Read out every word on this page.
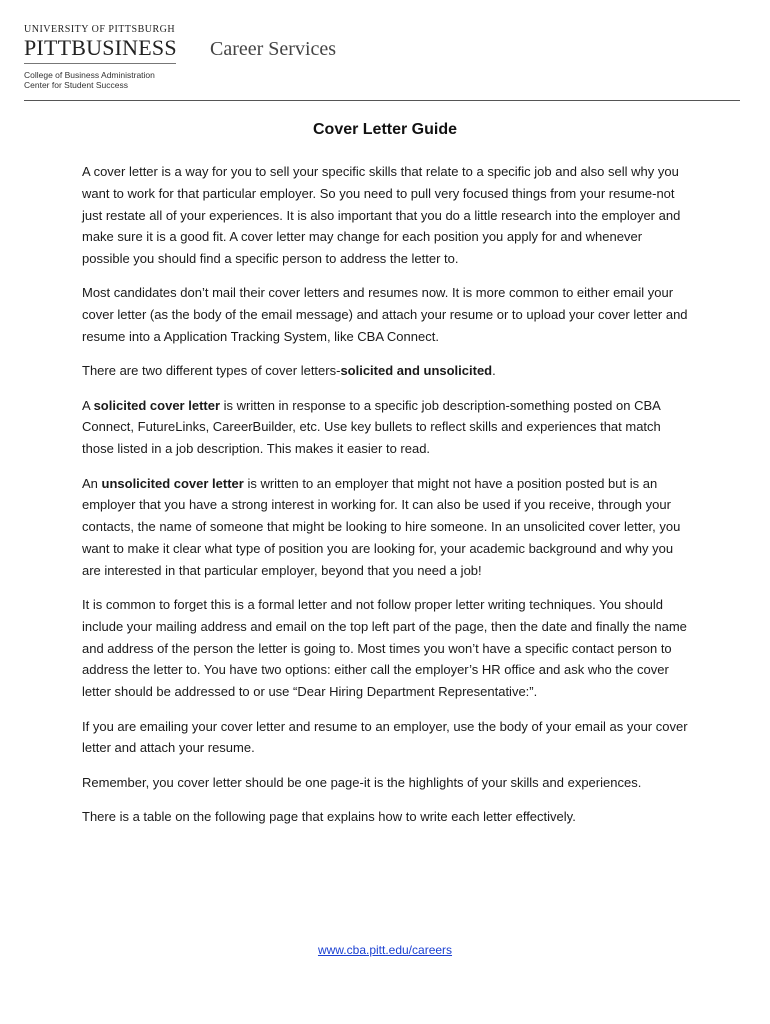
UNIVERSITY OF PITTSBURGH
PITTBUSINESS
College of Business Administration
Center for Student Success
Career Services
Cover Letter Guide

A cover letter is a way for you to sell your specific skills that relate to a specific job and also sell why you want to work for that particular employer. So you need to pull very focused things from your resume-not just restate all of your experiences. It is also important that you do a little research into the employer and make sure it is a good fit. A cover letter may change for each position you apply for and whenever possible you should find a specific person to address the letter to.

Most candidates don’t mail their cover letters and resumes now. It is more common to either email your cover letter (as the body of the email message) and attach your resume or to upload your cover letter and resume into a Application Tracking System, like CBA Connect.

There are two different types of cover letters-solicited and unsolicited.

A solicited cover letter is written in response to a specific job description-something posted on CBA Connect, FutureLinks, CareerBuilder, etc. Use key bullets to reflect skills and experiences that match those listed in a job description. This makes it easier to read.

An unsolicited cover letter is written to an employer that might not have a position posted but is an employer that you have a strong interest in working for. It can also be used if you receive, through your contacts, the name of someone that might be looking to hire someone. In an unsolicited cover letter, you want to make it clear what type of position you are looking for, your academic background and why you are interested in that particular employer, beyond that you need a job!

It is common to forget this is a formal letter and not follow proper letter writing techniques. You should include your mailing address and email on the top left part of the page, then the date and finally the name and address of the person the letter is going to. Most times you won’t have a specific contact person to address the letter to. You have two options: either call the employer’s HR office and ask who the cover letter should be addressed to or use “Dear Hiring Department Representative:”.

If you are emailing your cover letter and resume to an employer, use the body of your email as your cover letter and attach your resume.

Remember, you cover letter should be one page-it is the highlights of your skills and experiences.

There is a table on the following page that explains how to write each letter effectively.

www.cba.pitt.edu/careers
